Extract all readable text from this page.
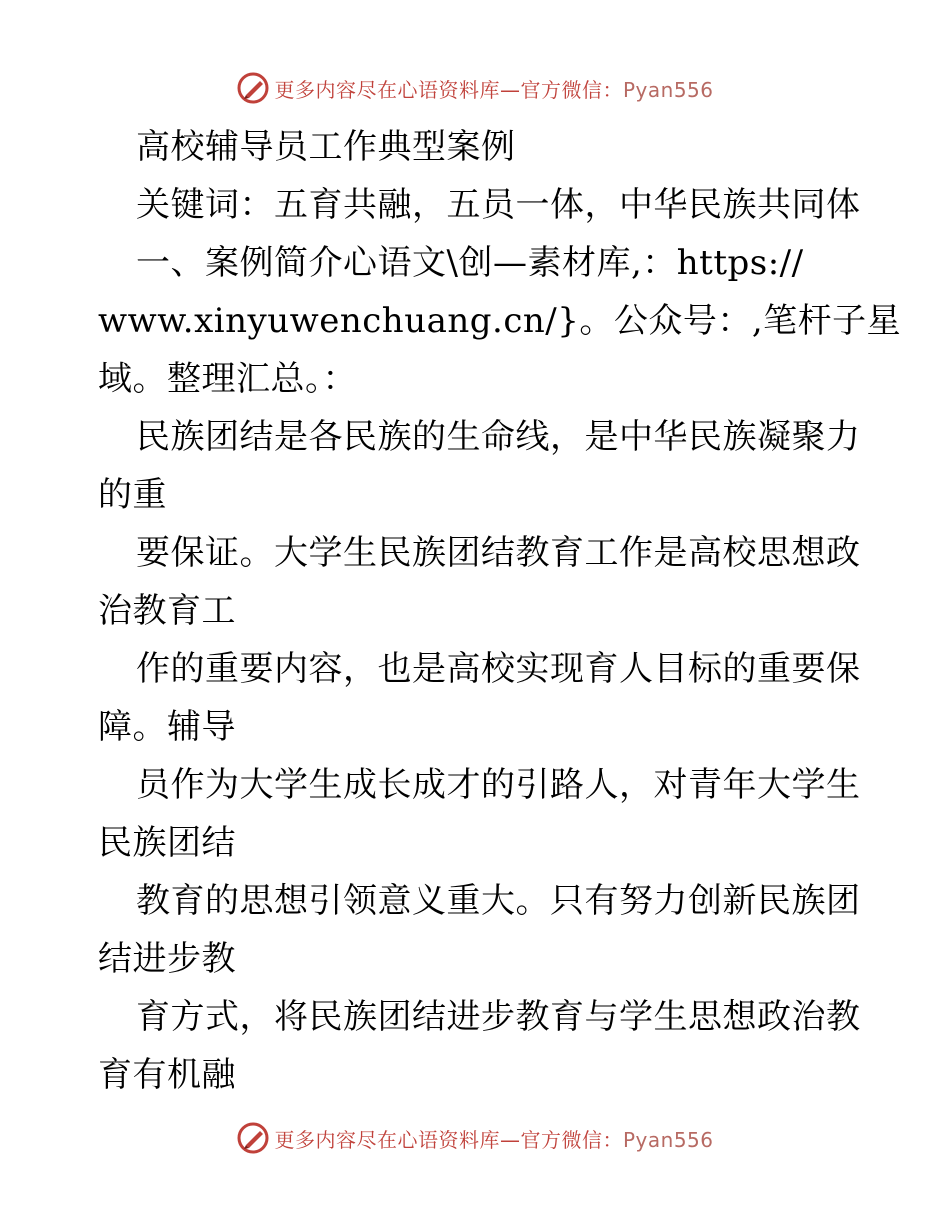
更多内容尽在心语资料库—官方微信：Pyan556
高校辅导员工作典型案例
关键词：五育共融，五员一体，中华民族共同体
一、案例简介心语文\创—素材库,：https://
www.xinyuwenchuang.cn/}。公众号：,笔杆子星
域。整理汇总。：
民族团结是各民族的生命线，是中华民族凝聚力
的重
要保证。大学生民族团结教育工作是高校思想政
治教育工
作的重要内容，也是高校实现育人目标的重要保
障。辅导
员作为大学生成长成才的引路人，对青年大学生
民族团结
教育的思想引领意义重大。只有努力创新民族团
结进步教
育方式，将民族团结进步教育与学生思想政治教
育有机融
更多内容尽在心语资料库—官方微信：Pyan556
